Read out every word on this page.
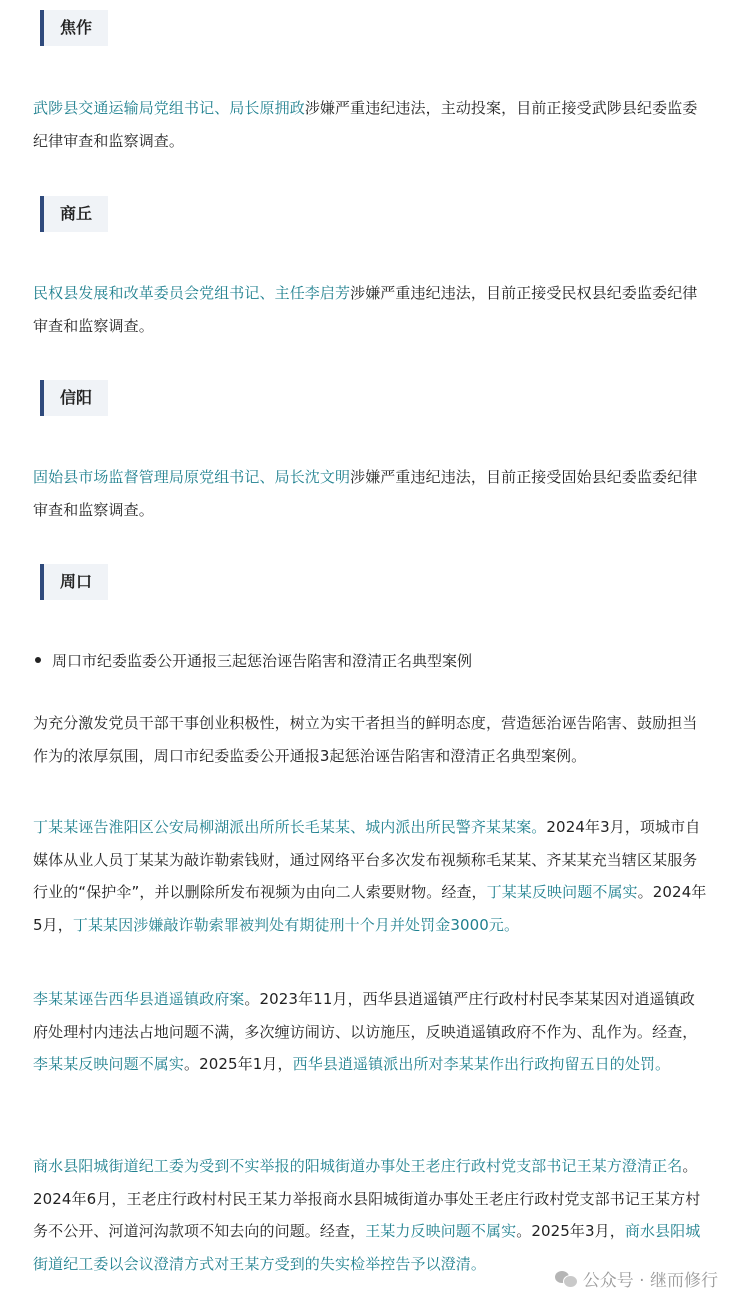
焦作

武陟县交通运输局党组书记、局长原拥政涉嫌严重违纪违法，主动投案，目前正接受武陟县纪委监委纪律审查和监察调查。

商丘

民权县发展和改革委员会党组书记、主任李启芳涉嫌严重违纪违法，目前正接受民权县纪委监委纪律审查和监察调查。

信阳

固始县市场监督管理局原党组书记、局长沈文明涉嫌严重违纪违法，目前正接受固始县纪委监委纪律审查和监察调查。

周口
周口市纪委监委公开通报三起惩治诬告陷害和澄清正名典型案例

为充分激发党员干部干事创业积极性，树立为实干者担当的鲜明态度，营造惩治诬告陷害、鼓励担当作为的浓厚氛围，周口市纪委监委公开通报3起惩治诬告陷害和澄清正名典型案例。

丁某某诬告淮阳区公安局柳湖派出所所长毛某某、城内派出所民警齐某某案。2024年3月，项城市自媒体从业人员丁某某为敲诈勒索钱财，通过网络平台多次发布视频称毛某某、齐某某充当辖区某服务行业的“保护伞”，并以删除所发布视频为由向二人索要财物。经查，丁某某反映问题不属实。2024年5月，丁某某因涉嫌敲诈勒索罪被判处有期徒刑十个月并处罚金3000元。

李某某诬告西华县逍遥镇政府案。2023年11月，西华县逍遥镇严庄行政村村民李某某因对逍遥镇政府处理村内违法占地问题不满，多次缠访闹访、以访施压，反映逍遥镇政府不作为、乱作为。经查，李某某反映问题不属实。2025年1月，西华县逍遥镇派出所对李某某作出行政拘留五日的处罚。

商水县阳城街道纪工委为受到不实举报的阳城街道办事处王老庄行政村党支部书记王某方澄清正名。2024年6月，王老庄行政村村民王某力举报商水县阳城街道办事处王老庄行政村党支部书记王某方村务不公开、河道河沟款项不知去向的问题。经查，王某力反映问题不属实。2025年3月，商水县阳城街道纪工委以会议澄清方式对王某方受到的失实检举控告予以澄清。

公众号 · 继而修行
